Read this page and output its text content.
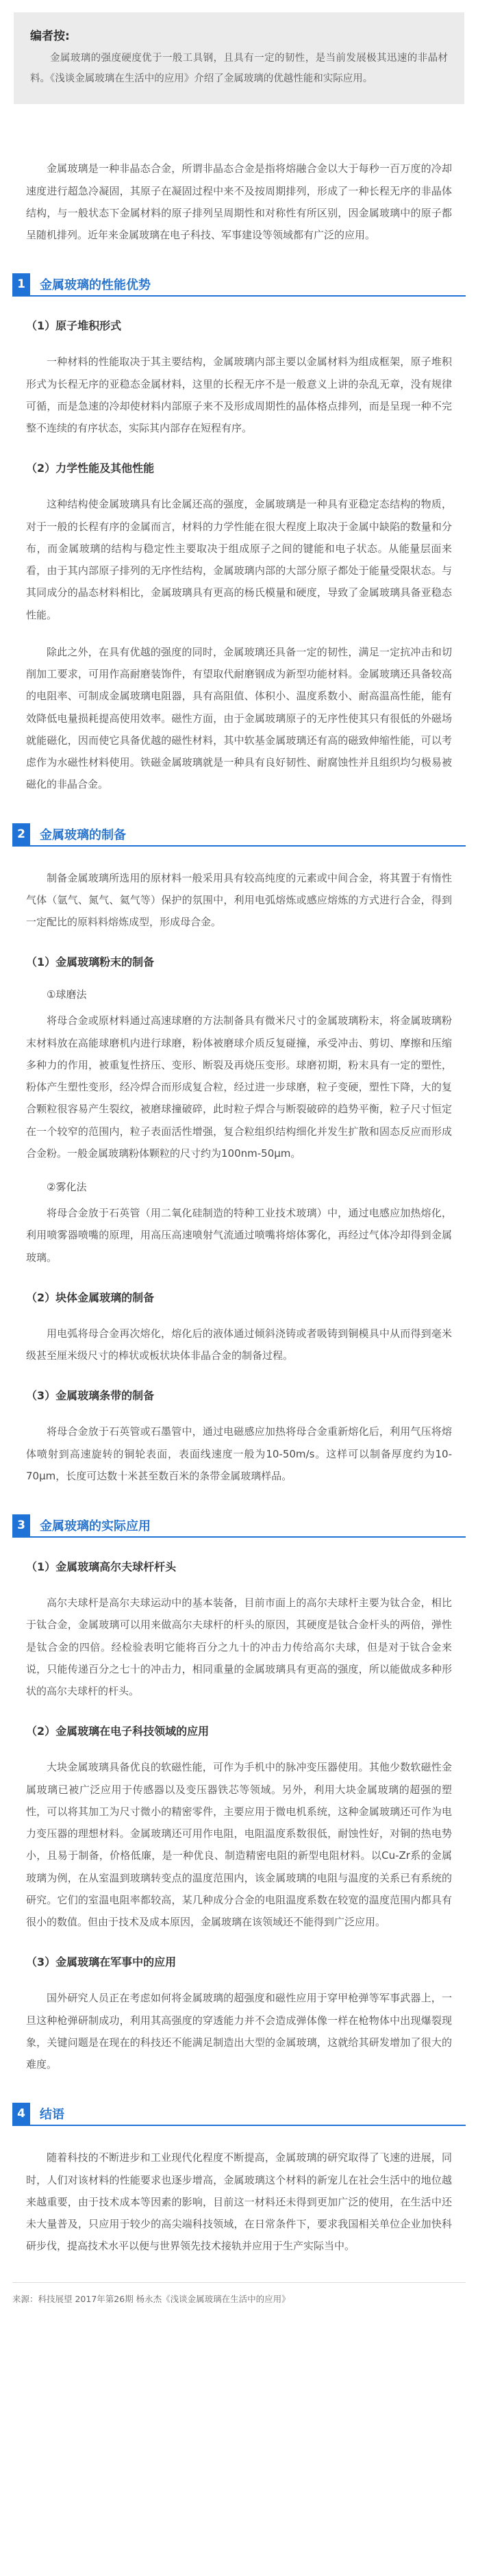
编者按:
金属玻璃的强度硬度优于一般工具钢，且具有一定的韧性，是当前发展极其迅速的非晶材料。《浅谈金属玻璃在生活中的应用》介绍了金属玻璃的优越性能和实际应用。
金属玻璃是一种非晶态合金，所谓非晶态合金是指将熔融合金以大于每秒一百万度的冷却速度进行超急冷凝固，其原子在凝固过程中来不及按周期排列，形成了一种长程无序的非晶体结构，与一般状态下金属材料的原子排列呈周期性和对称性有所区别，因金属玻璃中的原子都呈随机排列。近年来金属玻璃在电子科技、军事建设等领域都有广泛的应用。
1	金属玻璃的性能优势
（1）原子堆积形式
一种材料的性能取决于其主要结构，金属玻璃内部主要以金属材料为组成框架，原子堆积形式为长程无序的亚稳态金属材料，这里的长程无序不是一般意义上讲的杂乱无章，没有规律可循，而是急速的冷却使材料内部原子来不及形成周期性的晶体格点排列，而是呈现一种不完整不连续的有序状态，实际其内部存在短程有序。
（2）力学性能及其他性能
这种结构使金属玻璃具有比金属还高的强度，金属玻璃是一种具有亚稳定态结构的物质，对于一般的长程有序的金属而言，材料的力学性能在很大程度上取决于金属中缺陷的数量和分布，而金属玻璃的结构与稳定性主要取决于组成原子之间的键能和电子状态。从能量层面来看，由于其内部原子排列的无序性结构，金属玻璃内部的大部分原子都处于能量受限状态。与其同成分的晶态材料相比，金属玻璃具有更高的杨氏模量和硬度，导致了金属玻璃具备亚稳态性能。
除此之外，在具有优越的强度的同时，金属玻璃还具备一定的韧性，满足一定抗冲击和切削加工要求，可用作高耐磨装饰件，有望取代耐磨钢成为新型功能材料。金属玻璃还具备较高的电阻率、可制成金属玻璃电阻器，具有高阻值、体积小、温度系数小、耐高温高性能，能有效降低电量损耗提高使用效率。磁性方面，由于金属玻璃原子的无序性使其只有很低的外磁场就能磁化，因而使它具备优越的磁性材料，其中软基金属玻璃还有高的磁致伸缩性能，可以考虑作为水磁性材料使用。铁磁金属玻璃就是一种具有良好韧性、耐腐蚀性并且组织均匀极易被磁化的非晶合金。
2	金属玻璃的制备
制备金属玻璃所选用的原材料一般采用具有较高纯度的元素或中间合金，将其置于有惰性气体（氩气、氮气、氦气等）保护的氛围中，利用电弧熔炼或感应熔炼的方式进行合金，得到一定配比的原料料熔炼成型，形成母合金。
（1）金属玻璃粉末的制备
①球磨法
将母合金或原材料通过高速球磨的方法制备具有微米尺寸的金属玻璃粉末，将金属玻璃粉末材料放在高能球磨机内进行球磨，粉体被磨球介质反复碰撞，承受冲击、剪切、摩擦和压缩多种力的作用，被重复性挤压、变形、断裂及再烧压变形。球磨初期，粉末具有一定的塑性，粉体产生塑性变形，经冷焊合而形成复合粒，经过进一步球磨，粒子变硬，塑性下降，大的复合颗粒很容易产生裂纹，被磨球撞破碎，此时粒子焊合与断裂破碎的趋势平衡，粒子尺寸恒定在一个较窄的范围内，粒子表面活性增强，复合粒组织结构细化并发生扩散和固态反应而形成合金粉。一般金属玻璃粉体颗粒的尺寸约为100nm-50μm。
②雾化法
将母合金放于石英管（用二氧化硅制造的特种工业技术玻璃）中，通过电感应加热熔化，利用喷雾器喷嘴的原理，用高压高速喷射气流通过喷嘴将熔体雾化，再经过气体冷却得到金属玻璃。
（2）块体金属玻璃的制备
用电弧将母合金再次熔化，熔化后的液体通过倾斜浇铸或者吸铸到铜模具中从而得到毫米级甚至厘米级尺寸的棒状或板状块体非晶合金的制备过程。
（3）金属玻璃条带的制备
将母合金放于石英管或石墨管中，通过电磁感应加热将母合金重新熔化后，利用气压将熔体喷射到高速旋转的铜轮表面，表面线速度一般为10-50m/s。这样可以制备厚度约为10-70μm，长度可达数十米甚至数百米的条带金属玻璃样品。
3	金属玻璃的实际应用
（1）金属玻璃高尔夫球杆杆头
高尔夫球杆是高尔夫球运动中的基本装备，目前市面上的高尔夫球杆主要为钛合金，相比于钛合金，金属玻璃可以用来做高尔夫球杆的杆头的原因，其硬度是钛合金杆头的两倍，弹性是钛合金的四倍。经检验表明它能将百分之九十的冲击力传给高尔夫球，但是对于钛合金来说，只能传递百分之七十的冲击力，相同重量的金属玻璃具有更高的强度，所以能做成多种形状的高尔夫球杆的杆头。
（2）金属玻璃在电子科技领域的应用
大块金属玻璃具备优良的软磁性能，可作为手机中的脉冲变压器使用。其他少数软磁性金属玻璃已被广泛应用于传感器以及变压器铁芯等领域。另外，利用大块金属玻璃的超强的塑性，可以将其加工为尺寸微小的精密零件，主要应用于微电机系统，这种金属玻璃还可作为电力变压器的理想材料。金属玻璃还可用作电阻，电阻温度系数很低，耐蚀性好，对铜的热电势小，且易于制备，价格低廉，是一种优良、制造精密电阻的新型电阻材料。以Cu-Zr系的金属玻璃为例，在从室温到玻璃转变点的温度范围内，该金属玻璃的电阻与温度的关系已有系统的研究。它们的室温电阻率都较高，某几种成分合金的电阻温度系数在较宽的温度范围内都具有很小的数值。但由于技术及成本原因，金属玻璃在该领域还不能得到广泛应用。
（3）金属玻璃在军事中的应用
国外研究人员正在考虑如何将金属玻璃的超强度和磁性应用于穿甲枪弹等军事武器上，一旦这种枪弹研制成功，利用其高强度的穿透能力并不会造成弹体像一样在枪物体中出现爆裂现象，关键问题是在现在的科技还不能满足制造出大型的金属玻璃，这就给其研发增加了很大的难度。
4	结语
随着科技的不断进步和工业现代化程度不断提高，金属玻璃的研究取得了飞速的进展，同时，人们对该材料的性能要求也逐步增高，金属玻璃这个材料的新宠儿在社会生活中的地位越来越重要，由于技术成本等因素的影响，目前这一材料还未得到更加广泛的使用，在生活中还未大量普及，只应用于较少的高尖端科技领域，在日常条件下，要求我国相关单位企业加快科研步伐，提高技术水平以便与世界领先技术接轨并应用于生产实际当中。
来源：科技展望 2017年第26期 杨永杰《浅谈金属玻璃在生活中的应用》
